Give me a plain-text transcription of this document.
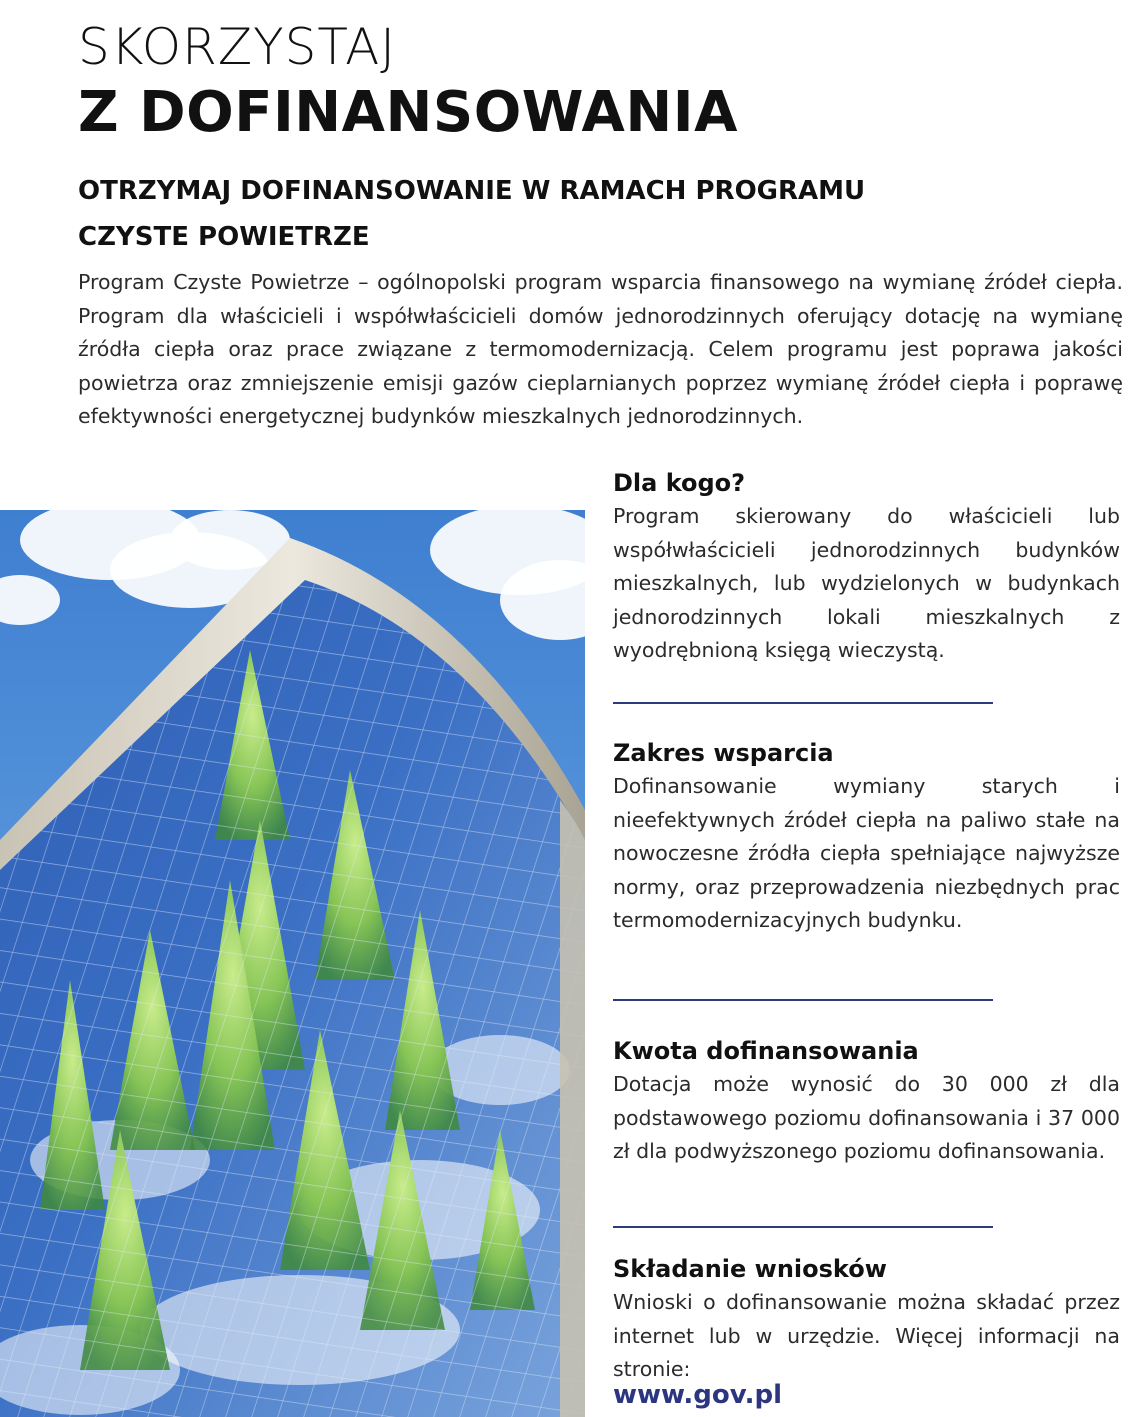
SKORZYSTAJ
Z DOFINANSOWANIA
OTRZYMAJ DOFINANSOWANIE W RAMACH PROGRAMU
CZYSTE POWIETRZE

Program Czyste Powietrze – ogólnopolski program wsparcia finansowego na wymianę źródeł ciepła. Program dla właścicieli i współwłaścicieli domów jednorodzinnych oferujący dotację na wymianę źródła ciepła oraz prace związane z termomodernizacją. Celem programu jest poprawa jakości powietrza oraz zmniejszenie emisji gazów cieplarnianych poprzez wymianę źródeł ciepła i poprawę efektywności energetycznej budynków mieszkalnych jednorodzinnych.

Dla kogo?

Program skierowany do właścicieli lub współwłaścicieli jednorodzinnych budynków mieszkalnych, lub wydzielonych w budynkach jednorodzinnych lokali mieszkalnych z wyodrębnioną księgą wieczystą.

Zakres wsparcia

Dofinansowanie wymiany starych i nieefektywnych źródeł ciepła na paliwo stałe na nowoczesne źródła ciepła spełniające najwyższe normy, oraz przeprowadzenia niezbędnych prac termomodernizacyjnych budynku.

Kwota dofinansowania

Dotacja może wynosić do 30 000 zł dla podstawowego poziomu dofinansowania i 37 000 zł dla podwyższonego poziomu dofinansowania.

Składanie wniosków

Wnioski o dofinansowanie można składać przez internet lub w urzędzie. Więcej informacji na stronie:

www.gov.pl
